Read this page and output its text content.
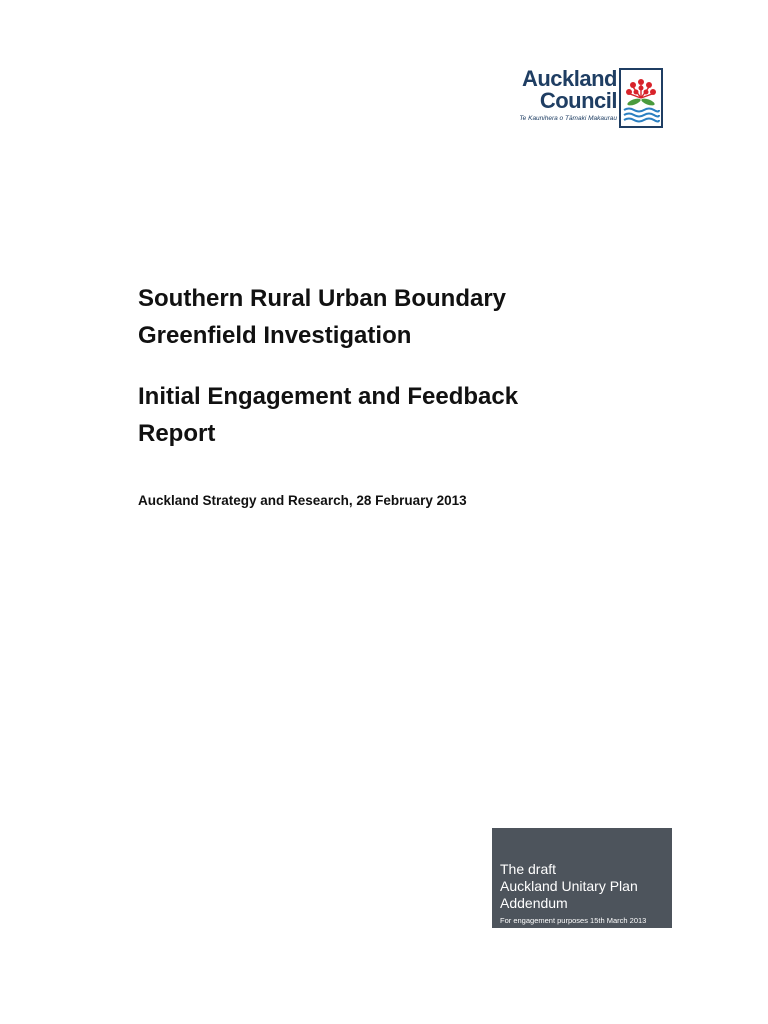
Auckland
Council
Te Kaunihera o Tāmaki Makaurau
Southern Rural Urban Boundary
Greenfield Investigation
Initial Engagement and Feedback
Report
Auckland Strategy and Research, 28 February 2013
The draft
Auckland Unitary Plan
Addendum
For engagement purposes 15th March 2013
